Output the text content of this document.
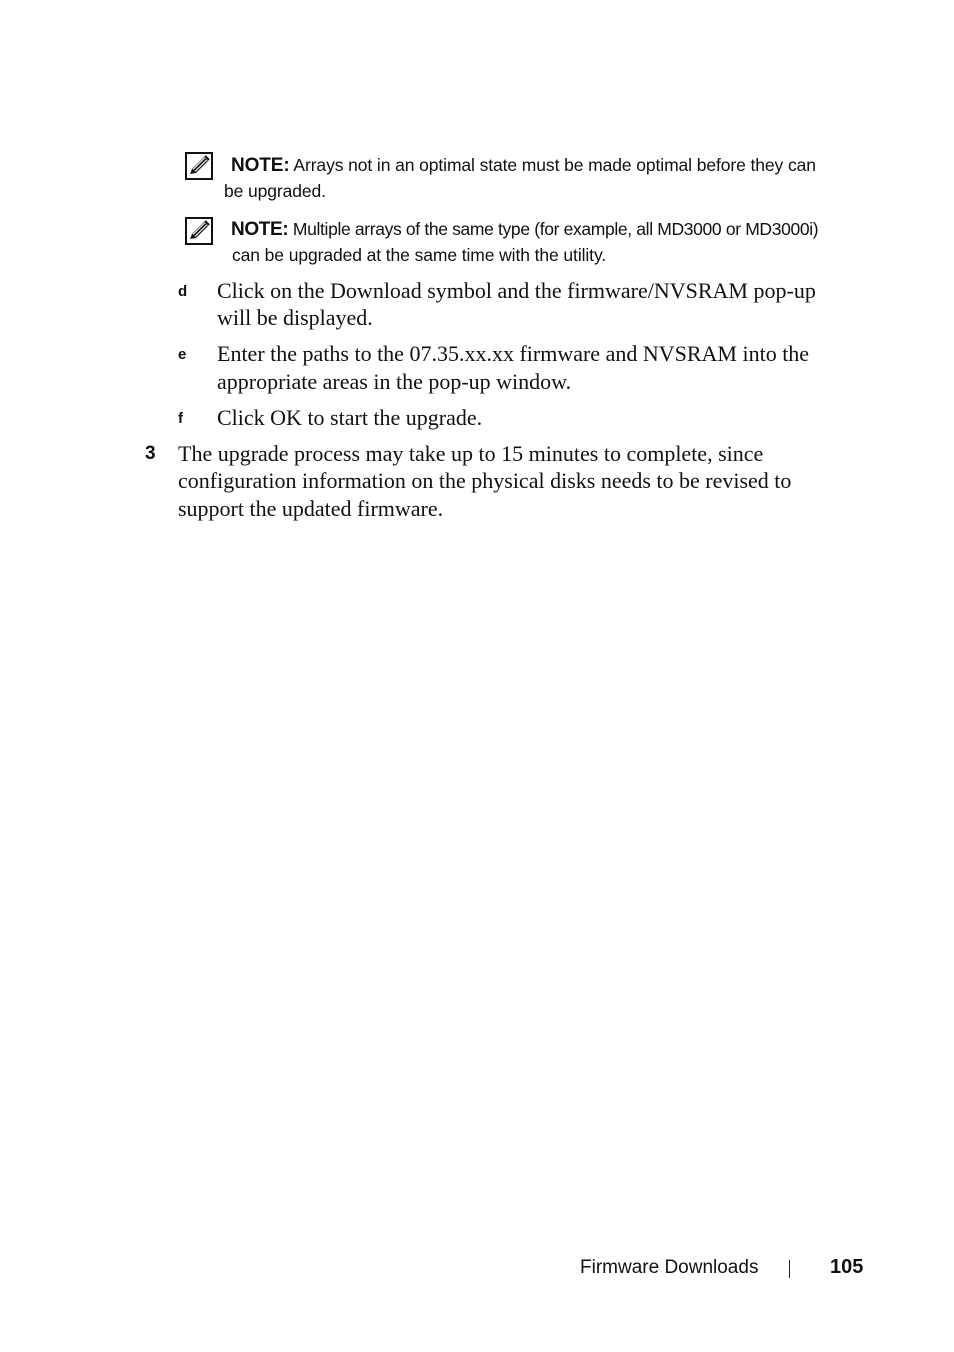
NOTE: Arrays not in an optimal state must be made optimal before they can
be upgraded.
NOTE: Multiple arrays of the same type (for example, all MD3000 or MD3000i)
can be upgraded at the same time with the utility.
d Click on the Download symbol and the firmware/NVSRAM pop-up
will be displayed.
e Enter the paths to the 07.35.xx.xx firmware and NVSRAM into the
appropriate areas in the pop-up window.
f Click OK to start the upgrade.
3 The upgrade process may take up to 15 minutes to complete, since
configuration information on the physical disks needs to be revised to
support the updated firmware.
Firmware Downloads	105
